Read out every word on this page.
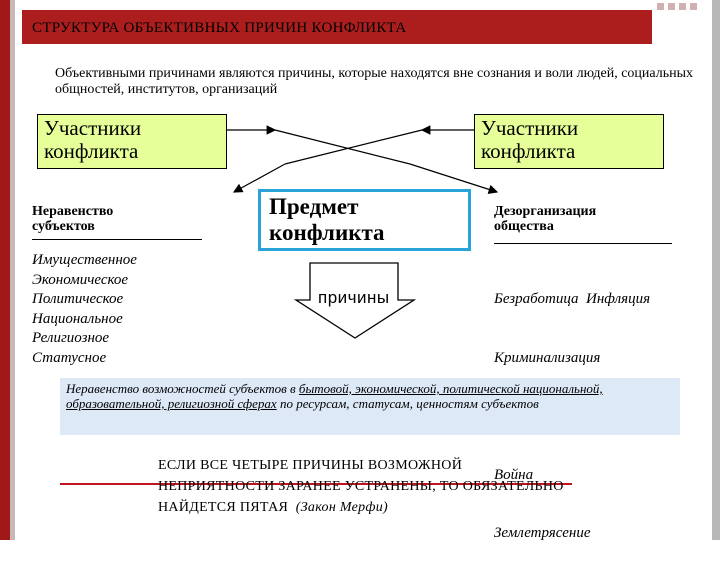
СТРУКТУРА ОБЪЕКТИВНЫХ ПРИЧИН КОНФЛИКТА
Объективными причинами являются причины, которые находятся вне сознания и воли людей, социальных общностей, институтов, организаций
Участники
конфликта
Участники
конфликта
Неравенство
субъектов
Имущественное
Экономическое
Политическое
Национальное
Религиозное
Статусное
Предмет
конфликта
причины
Дезорганизация
общества

Безработица  Инфляция

Криминализация

Война

Землетрясение

Неравенство возможностей субъектов в бытовой, экономической, политической национальной, образовательной, религиозной сферах по ресурсам, статусам, ценностям субъектов
ЕСЛИ ВСЕ ЧЕТЫРЕ ПРИЧИНЫ ВОЗМОЖНОЙ
НЕПРИЯТНОСТИ ЗАРАНЕЕ УСТРАНЕНЫ, ТО ОБЯЗАТЕЛЬНО
НАЙДЕТСЯ ПЯТАЯ (Закон Мерфи)
